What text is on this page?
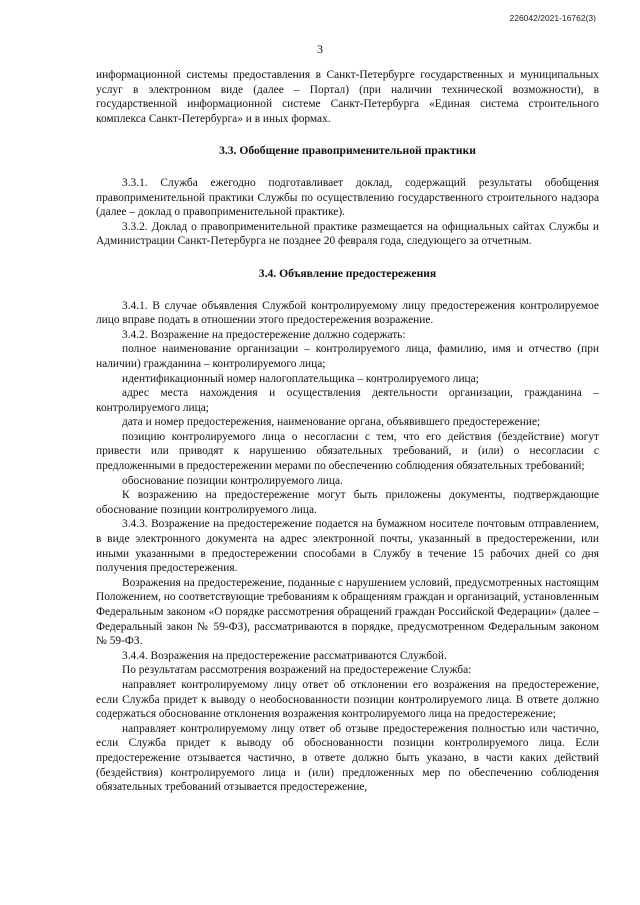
226042/2021-16762(3)
3

информационной системы предоставления в Санкт-Петербурге государственных и муниципальных услуг в электронном виде (далее – Портал) (при наличии технической возможности), в государственной информационной системе Санкт-Петербурга «Единая система строительного комплекса Санкт-Петербурга» и в иных формах.

3.3. Обобщение правоприменительной практики

3.3.1. Служба ежегодно подготавливает доклад, содержащий результаты обобщения правоприменительной практики Службы по осуществлению государственного строительного надзора (далее – доклад о правоприменительной практике).

3.3.2. Доклад о правоприменительной практике размещается на официальных сайтах Службы и Администрации Санкт-Петербурга не позднее 20 февраля года, следующего за отчетным.

3.4. Объявление предостережения

3.4.1. В случае объявления Службой контролируемому лицу предостережения контролируемое лицо вправе подать в отношении этого предостережения возражение.

3.4.2. Возражение на предостережение должно содержать:

полное наименование организации – контролируемого лица, фамилию, имя и отчество (при наличии) гражданина – контролируемого лица;

идентификационный номер налогоплательщика – контролируемого лица;

адрес места нахождения и осуществления деятельности организации, гражданина – контролируемого лица;

дата и номер предостережения, наименование органа, объявившего предостережение;

позицию контролируемого лица о несогласии с тем, что его действия (бездействие) могут привести или приводят к нарушению обязательных требований, и (или) о несогласии с предложенными в предостережении мерами по обеспечению соблюдения обязательных требований;

обоснование позиции контролируемого лица.

К возражению на предостережение могут быть приложены документы, подтверждающие обоснование позиции контролируемого лица.

3.4.3. Возражение на предостережение подается на бумажном носителе почтовым отправлением, в виде электронного документа на адрес электронной почты, указанный в предостережении, или иными указанными в предостережении способами в Службу в течение 15 рабочих дней со дня получения предостережения.

Возражения на предостережение, поданные с нарушением условий, предусмотренных настоящим Положением, но соответствующие требованиям к обращениям граждан и организаций, установленным Федеральным законом «О порядке рассмотрения обращений граждан Российской Федерации» (далее – Федеральный закон № 59-ФЗ), рассматриваются в порядке, предусмотренном Федеральным законом № 59-ФЗ.

3.4.4. Возражения на предостережение рассматриваются Службой.

По результатам рассмотрения возражений на предостережение Служба:

направляет контролируемому лицу ответ об отклонении его возражения на предостережение, если Служба придет к выводу о необоснованности позиции контролируемого лица. В ответе должно содержаться обоснование отклонения возражения контролируемого лица на предостережение;

направляет контролируемому лицу ответ об отзыве предостережения полностью или частично, если Служба придет к выводу об обоснованности позиции контролируемого лица. Если предостережение отзывается частично, в ответе должно быть указано, в части каких действий (бездействия) контролируемого лица и (или) предложенных мер по обеспечению соблюдения обязательных требований отзывается предостережение,
